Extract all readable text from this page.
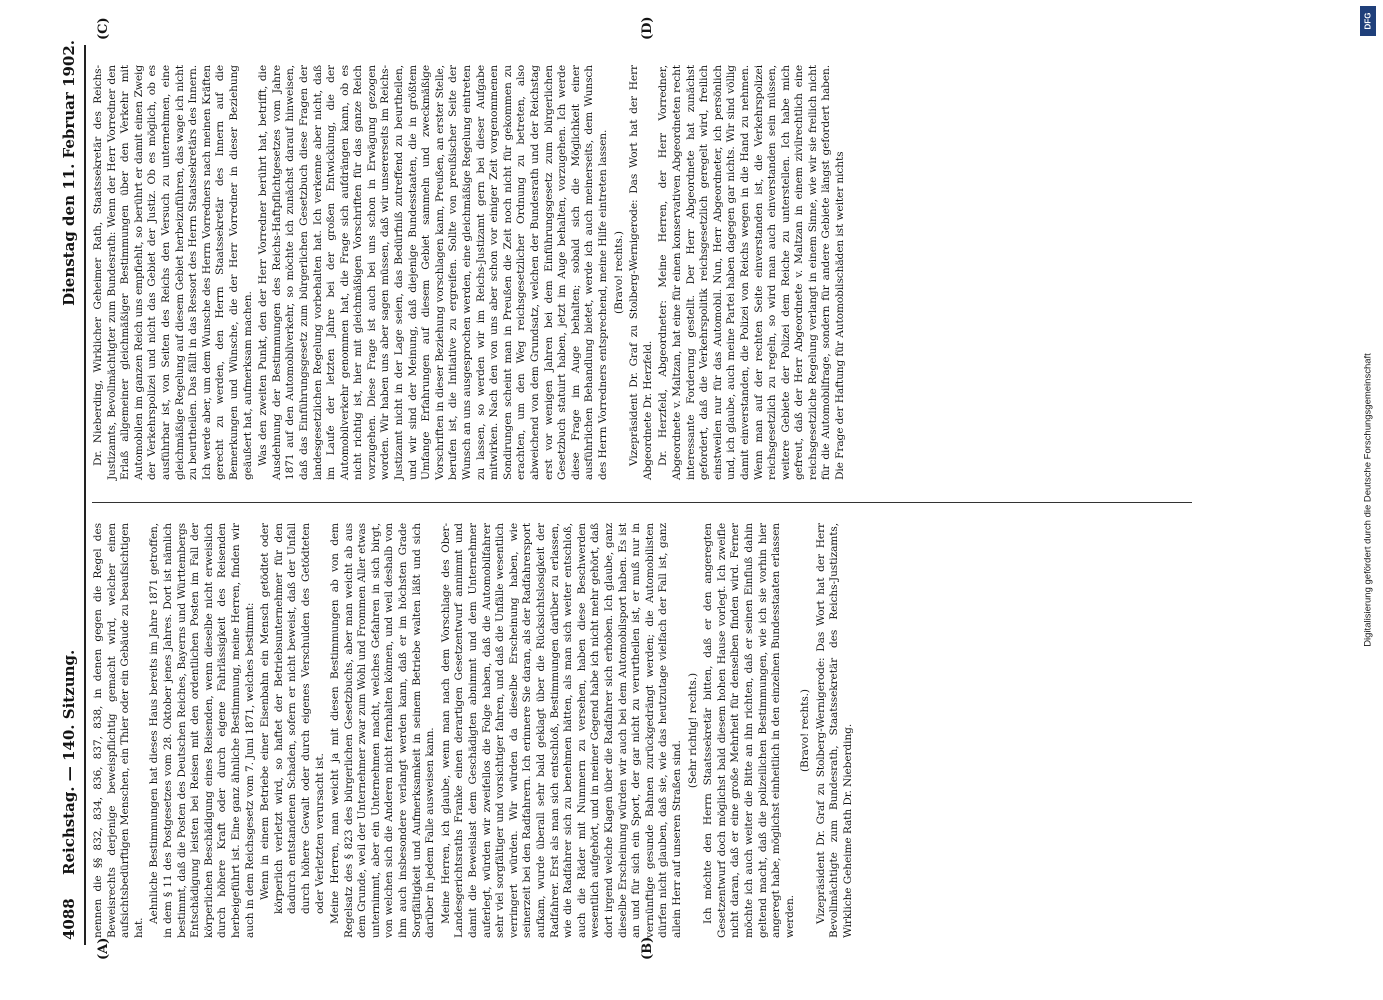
4088 Reichstag. — 140. Sitzung.
Dienstag den 11. Februar 1902.
(A)	(B)
(C)	(D)

nennen die §§ 832, 834, 836, 837, 838, in denen gegen die Regel des Beweisrechts derjenige beweispflichtig gemacht wird, welcher einen aufsichtsbedürftigen Menschen, ein Thier oder ein Gebäude zu beaufsichtigen hat.

Aehnliche Bestimmungen hat dieses Haus bereits im Jahre 1871 getroffen, in dem § 11 des Postgesetzes vom 28. Oktober jenes Jahres. Dort ist nämlich bestimmt, daß die Posten des Deutschen Reiches, Bayerns und Württembergs Entschädigung leisten bei Reisen mit den ordentlichen Posten im Fall der körperlichen Beschädigung eines Reisenden, wenn dieselbe nicht erweislich durch höhere Kraft oder durch eigene Fahrlässigkeit des Reisenden herbeigeführt ist. Eine ganz ähnliche Bestimmung, meine Herren, finden wir auch in dem Reichsgesetz vom 7. Juni 1871, welches bestimmt: Wenn in einem Betriebe einer Eisenbahn ein Mensch getödtet oder körperlich verletzt wird, so haftet der Betriebsunternehmer für den dadurch entstandenen Schaden, sofern er nicht beweist, daß der Unfall durch höhere Gewalt oder durch eigenes Verschulden des Getödteten oder Verletzten verursacht ist. Meine Herren, man weicht ja mit diesen Bestimmungen ab von dem Regelsatz des § 823 des bürgerlichen Gesetzbuchs, aber man weicht ab aus dem Grunde, weil der Unternehmer zwar zum Wohl und Frommen Aller etwas unternimmt, aber ein Unternehmen macht, welches Gefahren in sich birgt, von welchen sich die Anderen nicht fernhalten können, und weil deshalb von ihm auch insbesondere verlangt werden kann, daß er im höchsten Grade Sorgfältigkeit und Aufmerksamkeit in seinem Betriebe walten läßt und sich darüber in jedem Falle ausweisen kann. Meine Herren, ich glaube, wenn man nach dem Vorschlage des Ober-Landesgerichtsraths Franke einen derartigen Gesetzentwurf annimmt und damit die Beweislast dem Geschädigten abnimmt und dem Unternehmer auferlegt, würden wir zweifellos die Folge haben, daß die Automobilfahrer sehr viel sorgfältiger und vorsichtiger fahren, und daß die Unfälle wesentlich verringert würden. Wir würden da dieselbe Erscheinung haben, wie seinerzeit bei den Radfahrern. Ich erinnere Sie daran, als der Radfahrersport aufkam, wurde überall sehr bald geklagt über die Rücksichtslosigkeit der Radfahrer. Erst als man sich entschloß, Bestimmungen darüber zu erlassen, wie die Radfahrer sich zu benehmen hätten, als man sich weiter entschloß, auch die Räder mit Nummern zu versehen, haben diese Beschwerden wesentlich aufgehört, und in meiner Gegend habe ich nicht mehr gehört, daß dort irgend welche Klagen über die Radfahrer sich erhoben. Ich glaube, ganz dieselbe Erscheinung würden wir auch bei dem Automobilsport haben. Es ist an und für sich ein Sport, der gar nicht zu verurtheilen ist, er muß nur in vernünftige gesunde Bahnen zurückgedrängt werden; die Automobilisten dürfen nicht glauben, daß sie, wie das heutzutage vielfach der Fall ist, ganz allein Herr auf unseren Straßen sind.

(Sehr richtig! rechts.) Ich möchte den Herrn Staatssekretär bitten, daß er den angeregten Gesetzentwurf doch möglichst bald diesem hohen Hause vorlegt. Ich zweifle nicht daran, daß er eine große Mehrheit für denselben finden wird. Ferner möchte ich auch weiter die Bitte an ihn richten, daß er seinen Einfluß dahin geltend macht, daß die polizeilichen Bestimmungen, wie ich sie vorhin hier angeregt habe, möglichst einheitlich in den einzelnen Bundesstaaten erlassen werden.

(Bravo! rechts.) Vizepräsident Dr. Graf zu Stolberg-Wernigerode: Das Wort hat der Herr Bevollmächtigte zum Bundesrath, Staatssekretär des Reichs-Justizamts, Wirkliche Geheime Rath Dr. Nieberding.

Dr. Nieberding, Wirklicher Geheimer Rath, Staatssekretär des Reichs-Justizamts, Bevollmächtigter zum Bundesrath: Wenn der Herr Vorredner den Erlaß allgemeiner gleichmäßiger Bestimmungen über den Verkehr mit Automobilen im ganzen Reich uns empfiehlt, so berührt er damit einen Zweig der Verkehrspolizei und nicht das Gebiet der Justiz. Ob es möglich, ob es ausführbar ist, von Seiten des Reichs den Versuch zu unternehmen, eine gleichmäßige Regelung auf diesem Gebiet herbeizuführen, das wage ich nicht zu beurtheilen. Das fällt in das Ressort des Herrn Staatssekretärs des Innern. Ich werde aber, um dem Wunsche des Herrn Vorredners nach meinen Kräften gerecht zu werden, den Herrn Staatssekretär des Innern auf die Bemerkungen und Wünsche, die der Herr Vorredner in dieser Beziehung geäußert hat, aufmerksam machen. Was den zweiten Punkt, den der Herr Vorredner berührt hat, betrifft, die Ausdehnung der Bestimmungen des Reichs-Haftpflichtgesetzes vom Jahre 1871 auf den Automobilverkehr, so möchte ich zunächst darauf hinweisen, daß das Einführungsgesetz zum bürgerlichen Gesetzbuch diese Fragen der landesgesetzlichen Regelung vorbehalten hat. Ich verkenne aber nicht, daß im Laufe der letzten Jahre bei der großen Entwicklung, die der Automobilverkehr genommen hat, die Frage sich aufdrängen kann, ob es nicht richtig ist, hier mit gleichmäßigen Vorschriften für das ganze Reich vorzugehen. Diese Frage ist auch bei uns schon in Erwägung gezogen worden. Wir haben uns aber sagen müssen, daß wir unsererseits im Reichs-Justizamt nicht in der Lage seien, das Bedürfniß zutreffend zu beurtheilen, und wir sind der Meinung, daß diejenige Bundesstaaten, die in größtem Umfange Erfahrungen auf diesem Gebiet sammeln und zweckmäßige Vorschriften in dieser Beziehung vorschlagen kann, Preußen, an erster Stelle, berufen ist, die Initiative zu ergreifen. Sollte von preußischer Seite der Wunsch an uns ausgesprochen werden, eine gleichmäßige Regelung eintreten zu lassen, so werden wir im Reichs-Justizamt gern bei dieser Aufgabe mitwirken. Nach den von uns aber schon vor einiger Zeit vorgenommenen Sondirungen scheint man in Preußen die Zeit noch nicht für gekommen zu erachten, um den Weg reichsgesetzlicher Ordnung zu betreten, also abweichend von dem Grundsatz, welchen der Bundesrath und der Reichstag erst vor wenigen Jahren bei dem Einführungsgesetz zum bürgerlichen Gesetzbuch statuirt haben, jetzt im Auge behalten, vorzugehen. Ich werde diese Frage im Auge behalten; sobald sich die Möglichkeit einer ausführlichen Behandlung bietet, werde ich auch meinerseits, dem Wunsch des Herrn Vorredners entsprechend, meine Hilfe eintreten lassen. (Bravo! rechts.) Vizepräsident Dr. Graf zu Stolberg-Wernigerode: Das Wort hat der Herr Abgeordnete Dr. Herzfeld. Dr. Herzfeld, Abgeordneter: Meine Herren, der Herr Vorredner, Abgeordnete v. Maltzan, hat eine für einen konservativen Abgeordneten recht interessante Forderung gestellt. Der Herr Abgeordnete hat zunächst gefordert, daß die Verkehrspolitik reichsgesetzlich geregelt wird, freilich einstweilen nur für das Automobil. Nun, Herr Abgeordneter, ich persönlich und, ich glaube, auch meine Partei haben dagegen gar nichts. Wir sind völlig damit einverstanden, die Polizei von Reichs wegen in die Hand zu nehmen. Wenn man auf der rechten Seite einverstanden ist, die Verkehrspolizei reichsgesetzlich zu regeln, so wird man auch einverstanden sein müssen, weitere Gebiete der Polizei dem Reiche zu unterstellen. Ich habe mich gefreut, daß der Herr Abgeordnete v. Maltzan in einem zivilrechtlich eine reichsgesetzliche Regelung verlangt in einem Sinne, wie wir sie freilich nicht für die Automobilfrage, sondern für andere Gebiete längst gefordert haben. Die Frage der Haftung für Automobilschäden ist weiter nichts

Digitalisierung gefördert durch die Deutsche Forschungsgemeinschaft
DFG
